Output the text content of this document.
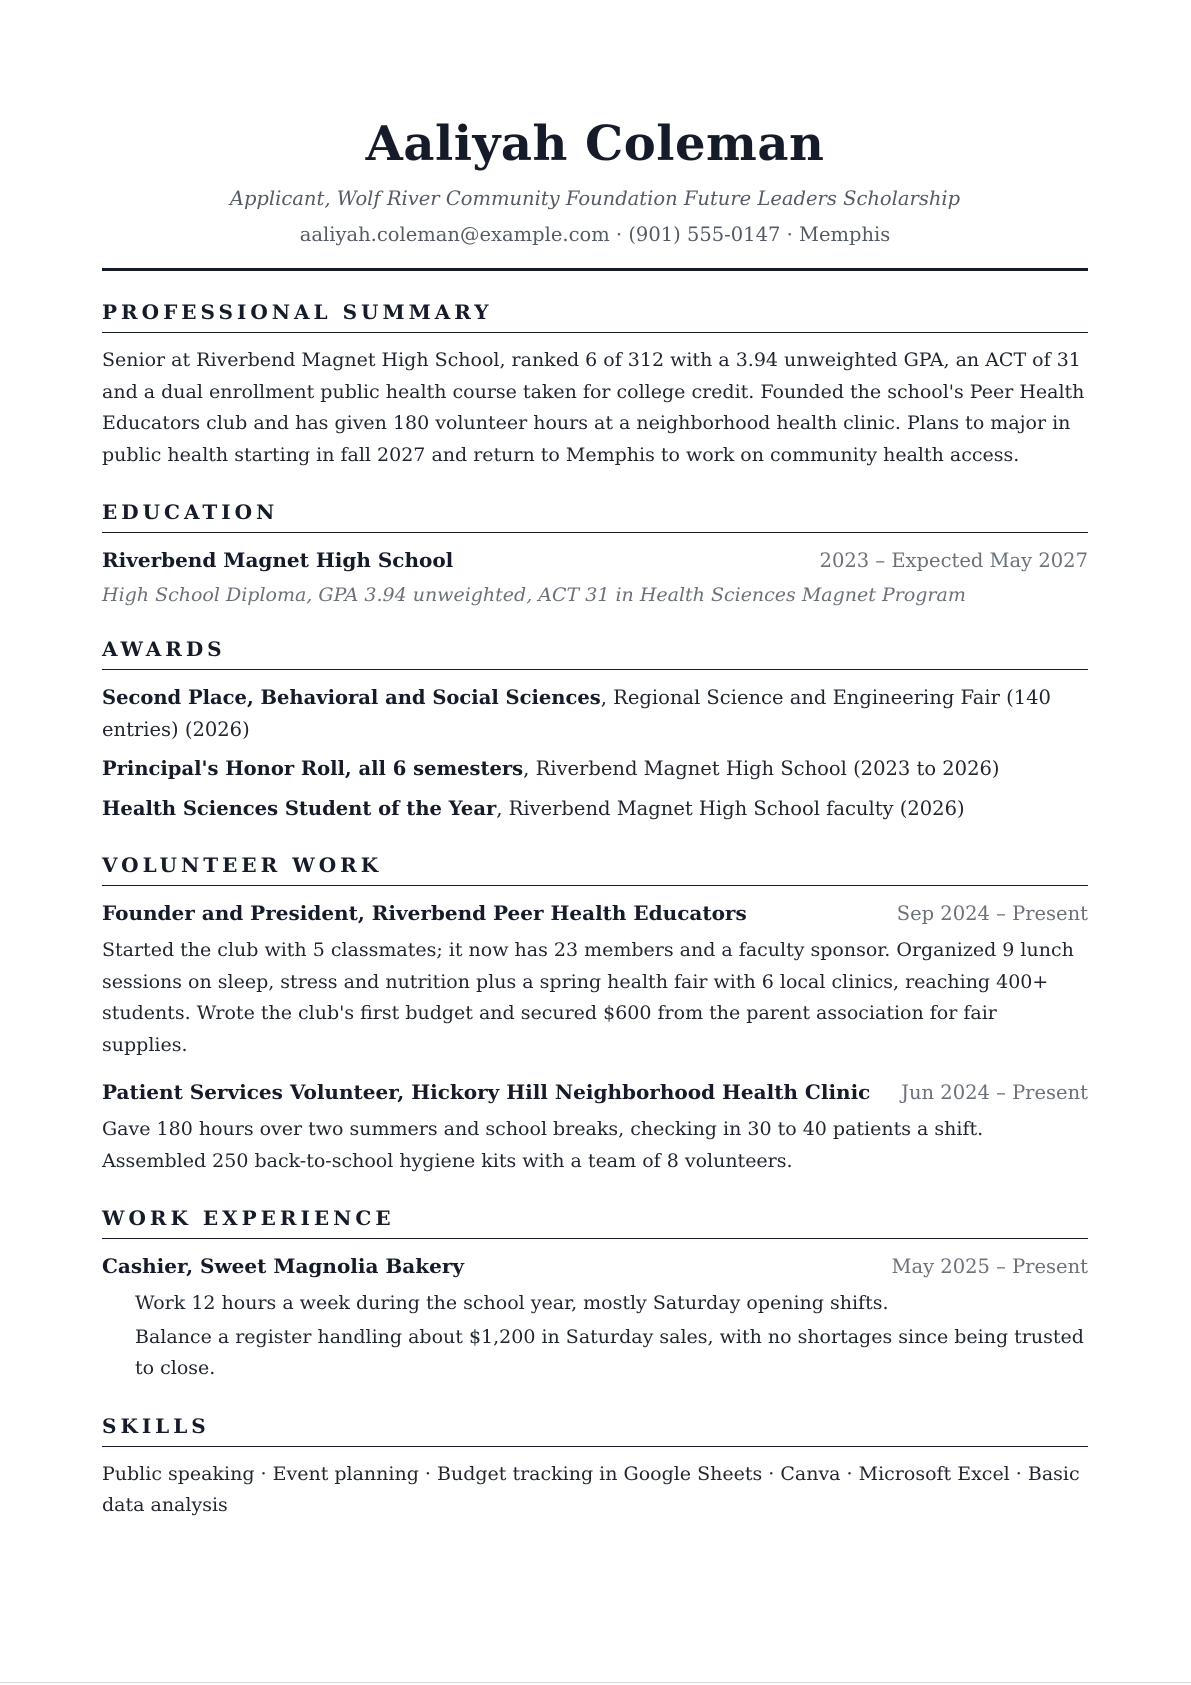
Aaliyah Coleman
Applicant, Wolf River Community Foundation Future Leaders Scholarship
aaliyah.coleman@example.com · (901) 555-0147 · Memphis
PROFESSIONAL SUMMARY

Senior at Riverbend Magnet High School, ranked 6 of 312 with a 3.94 unweighted GPA, an ACT of 31 and a dual enrollment public health course taken for college credit. Founded the school's Peer Health Educators club and has given 180 volunteer hours at a neighborhood health clinic. Plans to major in public health starting in fall 2027 and return to Memphis to work on community health access.

EDUCATION
Riverbend Magnet High School	2023 – Expected May 2027
High School Diploma, GPA 3.94 unweighted, ACT 31 in Health Sciences Magnet Program
AWARDS
Second Place, Behavioral and Social Sciences, Regional Science and Engineering Fair (140 entries) (2026)
Principal's Honor Roll, all 6 semesters, Riverbend Magnet High School (2023 to 2026)
Health Sciences Student of the Year, Riverbend Magnet High School faculty (2026)
VOLUNTEER WORK
Founder and President, Riverbend Peer Health Educators	Sep 2024 – Present

Started the club with 5 classmates; it now has 23 members and a faculty sponsor. Organized 9 lunch sessions on sleep, stress and nutrition plus a spring health fair with 6 local clinics, reaching 400+ students. Wrote the club's first budget and secured $600 from the parent association for fair supplies.

Patient Services Volunteer, Hickory Hill Neighborhood Health Clinic Jun 2024 – Present

Gave 180 hours over two summers and school breaks, checking in 30 to 40 patients a shift. Assembled 250 back-to-school hygiene kits with a team of 8 volunteers.

WORK EXPERIENCE
Cashier, Sweet Magnolia Bakery	May 2025 – Present
Work 12 hours a week during the school year, mostly Saturday opening shifts.
Balance a register handling about $1,200 in Saturday sales, with no shortages since being trusted to close.
SKILLS

Public speaking · Event planning · Budget tracking in Google Sheets · Canva · Microsoft Excel · Basic data analysis
